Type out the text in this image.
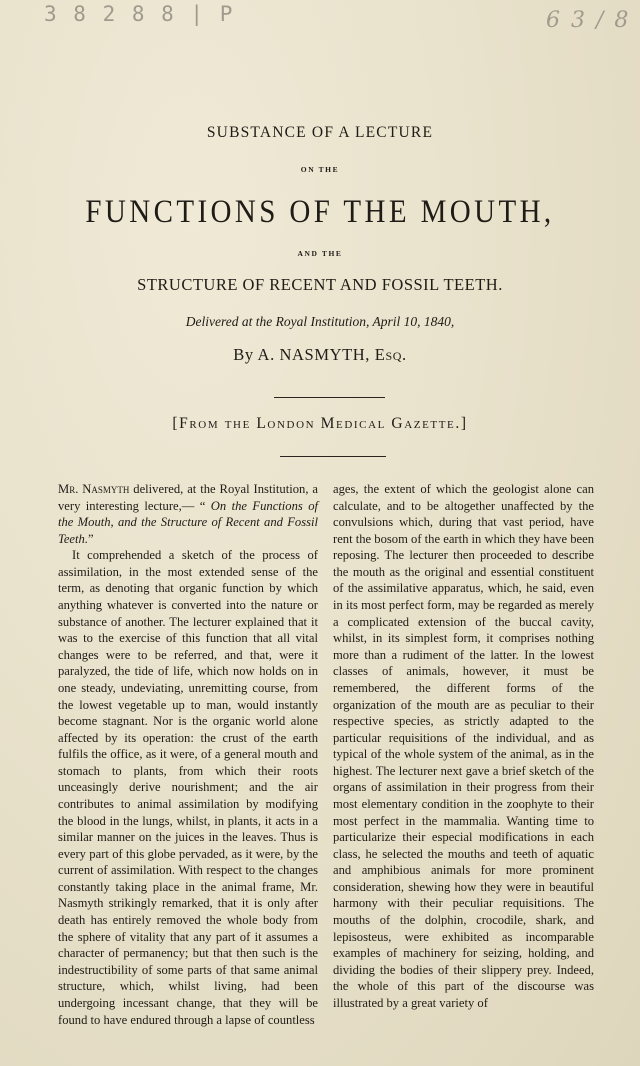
3 8 2 8 8 | P	6 3 / 8
SUBSTANCE OF A LECTURE
ON THE
FUNCTIONS OF THE MOUTH,
AND THE
STRUCTURE OF RECENT AND FOSSIL TEETH.
Delivered at the Royal Institution, April 10, 1840,
By A. NASMYTH, Esq.
[From the London Medical Gazette.]

Mr. Nasmyth delivered, at the Royal Institution, a very interesting lecture,— “ On the Functions of the Mouth, and the Structure of Recent and Fossil Teeth.”

It comprehended a sketch of the process of assimilation, in the most extended sense of the term, as denoting that organic function by which anything whatever is converted into the nature or substance of another. The lecturer explained that it was to the exercise of this function that all vital changes were to be referred, and that, were it paralyzed, the tide of life, which now holds on in one steady, undeviating, unremitting course, from the lowest vegetable up to man, would instantly become stagnant. Nor is the organic world alone affected by its operation: the crust of the earth fulfils the office, as it were, of a general mouth and stomach to plants, from which their roots unceasingly derive nourishment; and the air contributes to animal assimilation by modifying the blood in the lungs, whilst, in plants, it acts in a similar manner on the juices in the leaves. Thus is every part of this globe pervaded, as it were, by the current of assimilation. With respect to the changes constantly taking place in the animal frame, Mr. Nasmyth strikingly remarked, that it is only after death has entirely removed the whole body from the sphere of vitality that any part of it assumes a character of permanency; but that then such is the indestructibility of some parts of that same animal structure, which, whilst living, had been undergoing incessant change, that they will be found to have endured through a lapse of countless

ages, the extent of which the geologist alone can calculate, and to be altogether unaffected by the convulsions which, during that vast period, have rent the bosom of the earth in which they have been reposing. The lecturer then proceeded to describe the mouth as the original and essential constituent of the assimilative apparatus, which, he said, even in its most perfect form, may be regarded as merely a complicated extension of the buccal cavity, whilst, in its simplest form, it comprises nothing more than a rudiment of the latter. In the lowest classes of animals, however, it must be remembered, the different forms of the organization of the mouth are as peculiar to their respective species, as strictly adapted to the particular requisitions of the individual, and as typical of the whole system of the animal, as in the highest. The lecturer next gave a brief sketch of the organs of assimilation in their progress from their most elementary condition in the zoophyte to their most perfect in the mammalia. Wanting time to particularize their especial modifications in each class, he selected the mouths and teeth of aquatic and amphibious animals for more prominent consideration, shewing how they were in beautiful harmony with their peculiar requisitions. The mouths of the dolphin, crocodile, shark, and lepisosteus, were exhibited as incomparable examples of machinery for seizing, holding, and dividing the bodies of their slippery prey. Indeed, the whole of this part of the discourse was illustrated by a great variety of
